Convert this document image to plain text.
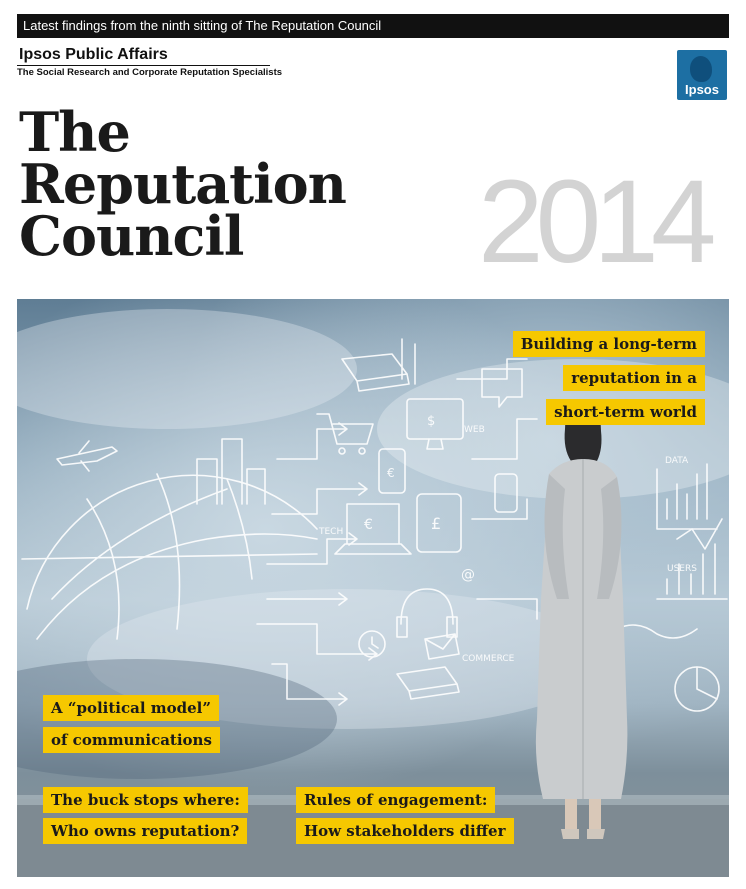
Latest findings from the ninth sitting of The Reputation Council
Ipsos Public Affairs
The Social Research and Corporate Reputation Specialists
Ipsos
The
Reputation
Council	2014
WEB
TECH
DATA
USERS
COMMERCE
€
€
£
$
@
Building a long-term
reputation in a
short-term world
A “political model”
of communications
The buck stops where:
Who owns reputation?
Rules of engagement:
How stakeholders differ
